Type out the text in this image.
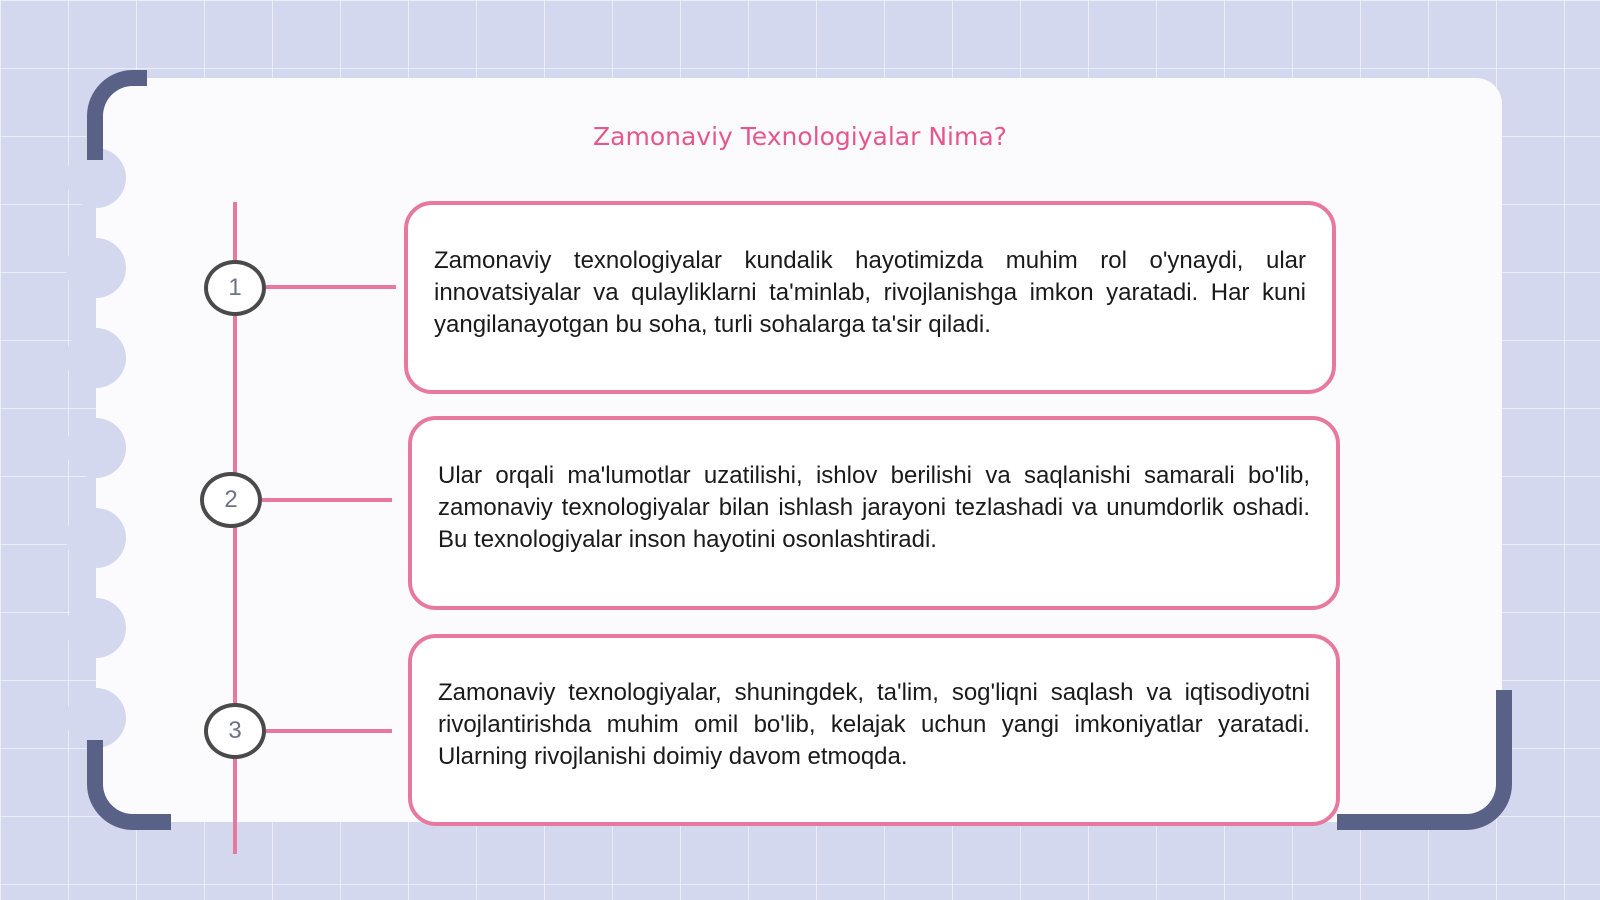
Zamonaviy Texnologiyalar Nima?
1

Zamonaviy texnologiyalar kundalik hayotimizda muhim rol o'ynaydi, ular innovatsiyalar va qulayliklarni ta'minlab, rivojlanishga imkon yaratadi. Har kuni yangilanayotgan bu soha, turli sohalarga ta'sir qiladi.

2

Ular orqali ma'lumotlar uzatilishi, ishlov berilishi va saqlanishi samarali bo'lib, zamonaviy texnologiyalar bilan ishlash jarayoni tezlashadi va unumdorlik oshadi. Bu texnologiyalar inson hayotini osonlashtiradi.

3

Zamonaviy texnologiyalar, shuningdek, ta'lim, sog'liqni saqlash va iqtisodiyotni rivojlantirishda muhim omil bo'lib, kelajak uchun yangi imkoniyatlar yaratadi. Ularning rivojlanishi doimiy davom etmoqda.
